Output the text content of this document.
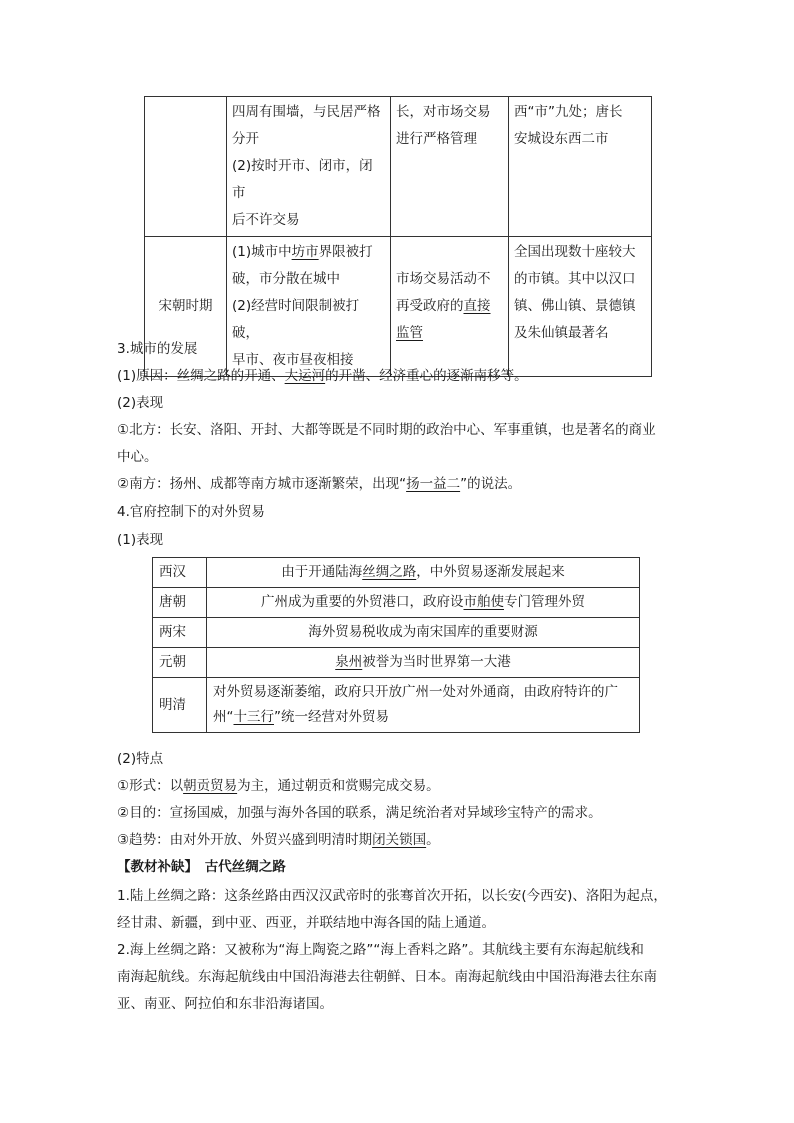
	四周有围墙，与民居严格
分开
(2)按时开市、闭市，闭市
后不许交易	长，对市场交易
进行严格管理	西“市”九处；唐长
安城设东西二市

宋朝时期	(1)城市中坊市界限被打
破，市分散在城中
(2)经营时间限制被打破，
早市、夜市昼夜相接	市场交易活动不
再受政府的直接
监管	全国出现数十座较大
的市镇。其中以汉口
镇、佛山镇、景德镇
及朱仙镇最著名
3.城市的发展
(1)原因：丝绸之路的开通、大运河的开凿、经济重心的逐渐南移等。
(2)表现
①北方：长安、洛阳、开封、大都等既是不同时期的政治中心、军事重镇，也是著名的商业
中心。
②南方：扬州、成都等南方城市逐渐繁荣，出现“扬一益二”的说法。
4.官府控制下的对外贸易
(1)表现
西汉	由于开通陆海丝绸之路，中外贸易逐渐发展起来
唐朝	广州成为重要的外贸港口，政府设市舶使专门管理外贸
两宋	海外贸易税收成为南宋国库的重要财源
元朝	泉州被誉为当时世界第一大港
明清	对外贸易逐渐萎缩，政府只开放广州一处对外通商，由政府特许的广
州“十三行”统一经营对外贸易
(2)特点
①形式：以朝贡贸易为主，通过朝贡和赏赐完成交易。
②目的：宣扬国威，加强与海外各国的联系，满足统治者对异域珍宝特产的需求。
③趋势：由对外开放、外贸兴盛到明清时期闭关锁国。
【教材补缺】　古代丝绸之路
1.陆上丝绸之路：这条丝路由西汉汉武帝时的张骞首次开拓，以长安(今西安)、洛阳为起点，
经甘肃、新疆，到中亚、西亚，并联结地中海各国的陆上通道。
2.海上丝绸之路：又被称为“海上陶瓷之路”“海上香料之路”。其航线主要有东海起航线和
南海起航线。东海起航线由中国沿海港去往朝鲜、日本。南海起航线由中国沿海港去往东南
亚、南亚、阿拉伯和东非沿海诸国。
